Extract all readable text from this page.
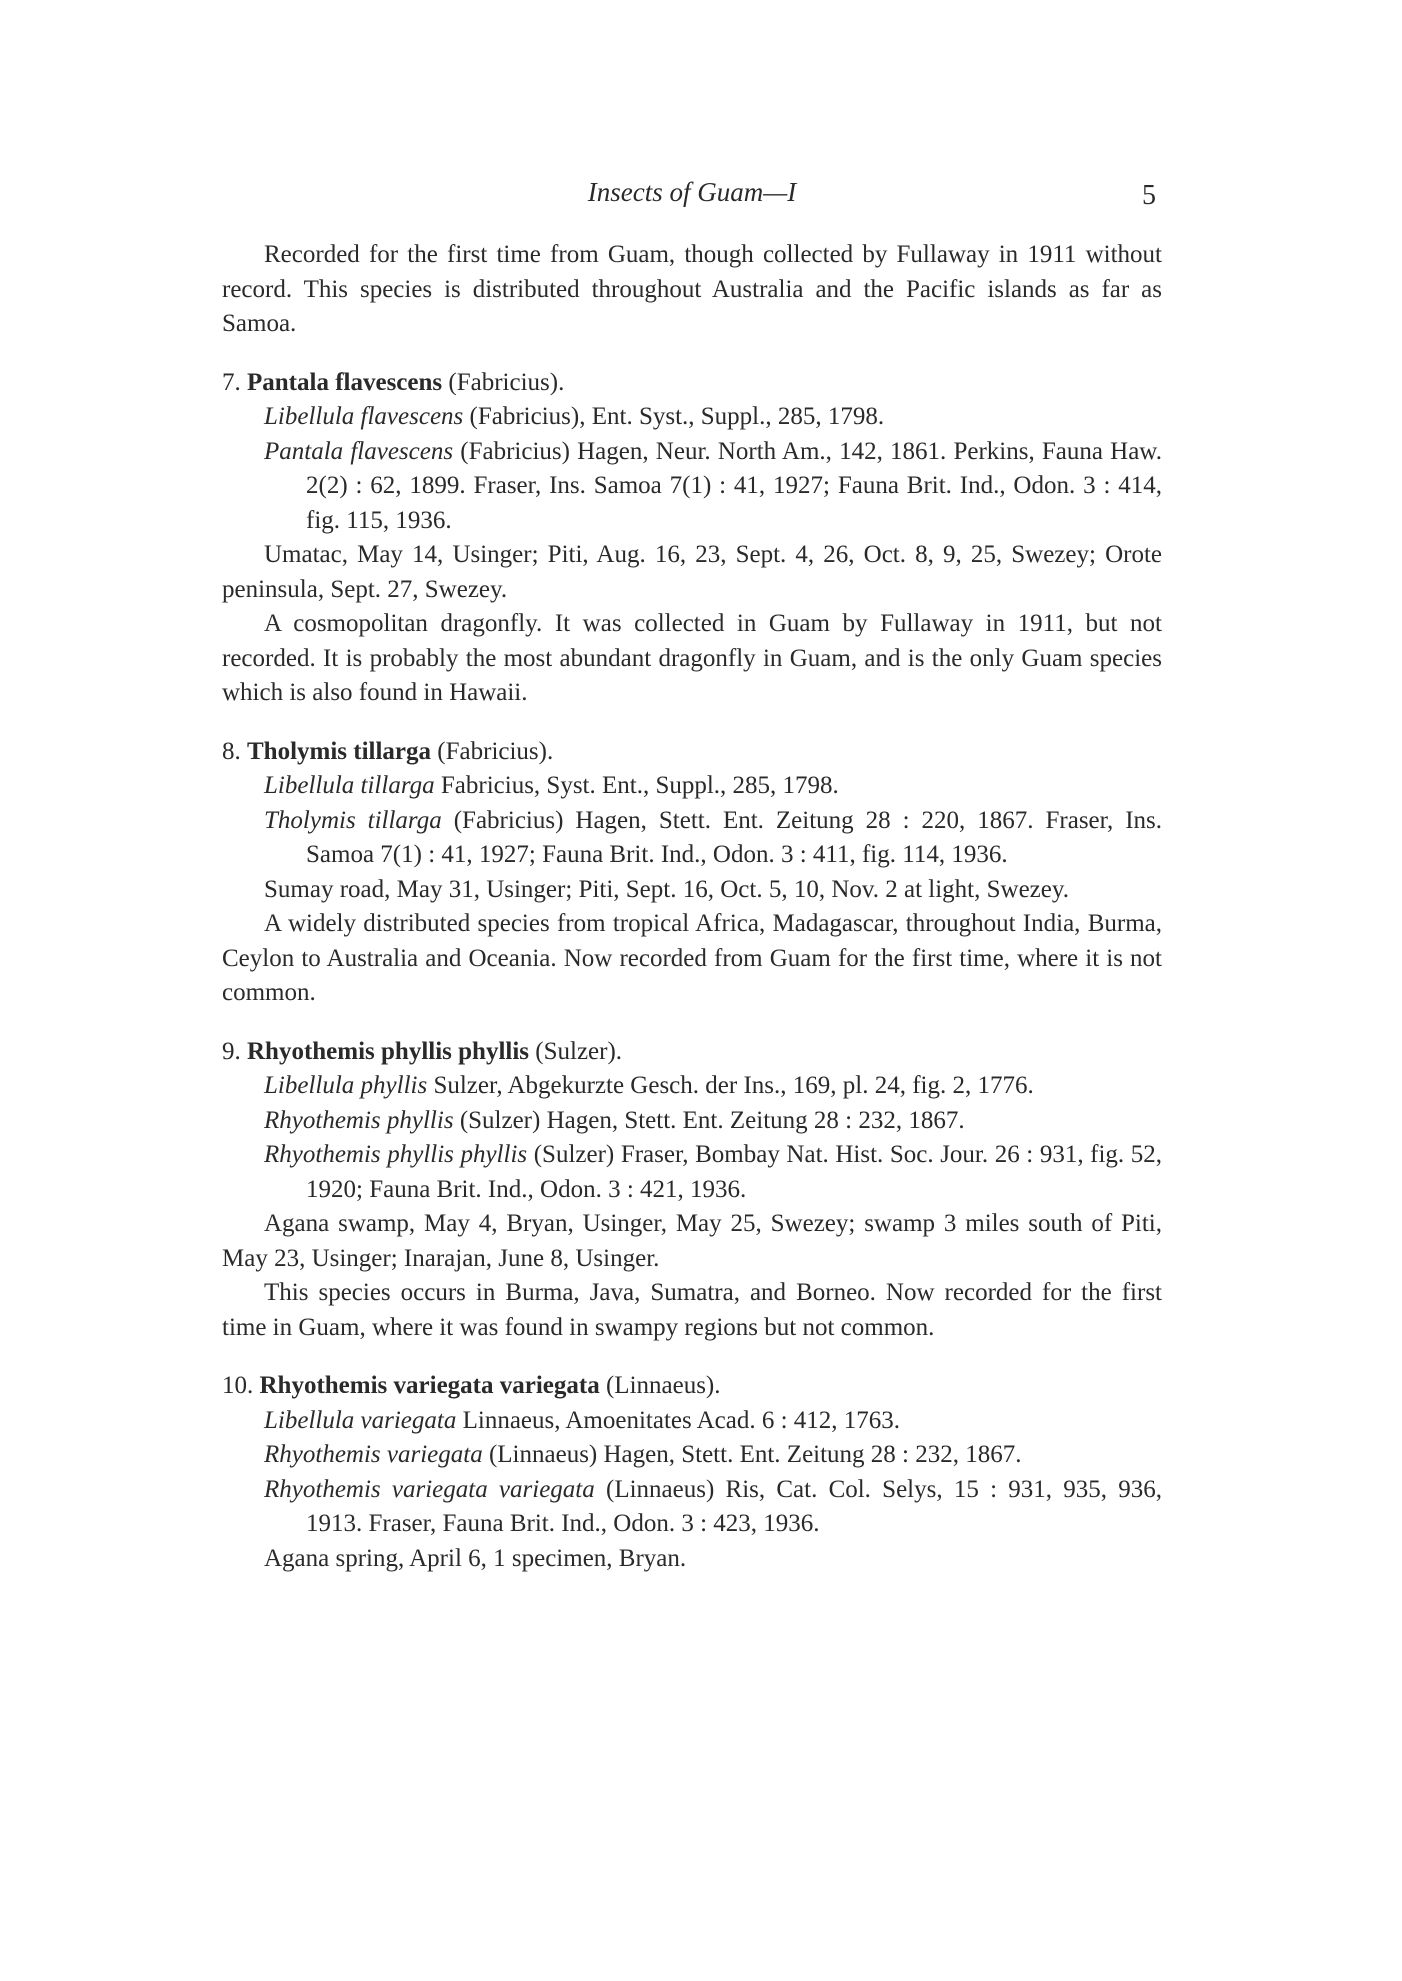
Insects of Guam—I	5

Recorded for the first time from Guam, though collected by Fullaway in 1911 without record. This species is distributed throughout Australia and the Pacific islands as far as Samoa.

7. Pantala flavescens (Fabricius).

Libellula flavescens (Fabricius), Ent. Syst., Suppl., 285, 1798.

Pantala flavescens (Fabricius) Hagen, Neur. North Am., 142, 1861. Perkins, Fauna Haw. 2(2) : 62, 1899. Fraser, Ins. Samoa 7(1) : 41, 1927; Fauna Brit. Ind., Odon. 3 : 414, fig. 115, 1936.

Umatac, May 14, Usinger; Piti, Aug. 16, 23, Sept. 4, 26, Oct. 8, 9, 25, Swezey; Orote peninsula, Sept. 27, Swezey.

A cosmopolitan dragonfly. It was collected in Guam by Fullaway in 1911, but not recorded. It is probably the most abundant dragonfly in Guam, and is the only Guam species which is also found in Hawaii.

8. Tholymis tillarga (Fabricius).

Libellula tillarga Fabricius, Syst. Ent., Suppl., 285, 1798.

Tholymis tillarga (Fabricius) Hagen, Stett. Ent. Zeitung 28 : 220, 1867. Fraser, Ins. Samoa 7(1) : 41, 1927; Fauna Brit. Ind., Odon. 3 : 411, fig. 114, 1936.

Sumay road, May 31, Usinger; Piti, Sept. 16, Oct. 5, 10, Nov. 2 at light, Swezey.

A widely distributed species from tropical Africa, Madagascar, throughout India, Burma, Ceylon to Australia and Oceania. Now recorded from Guam for the first time, where it is not common.

9. Rhyothemis phyllis phyllis (Sulzer).

Libellula phyllis Sulzer, Abgekurzte Gesch. der Ins., 169, pl. 24, fig. 2, 1776.

Rhyothemis phyllis (Sulzer) Hagen, Stett. Ent. Zeitung 28 : 232, 1867.

Rhyothemis phyllis phyllis (Sulzer) Fraser, Bombay Nat. Hist. Soc. Jour. 26 : 931, fig. 52, 1920; Fauna Brit. Ind., Odon. 3 : 421, 1936.

Agana swamp, May 4, Bryan, Usinger, May 25, Swezey; swamp 3 miles south of Piti, May 23, Usinger; Inarajan, June 8, Usinger.

This species occurs in Burma, Java, Sumatra, and Borneo. Now recorded for the first time in Guam, where it was found in swampy regions but not common.

10. Rhyothemis variegata variegata (Linnaeus).

Libellula variegata Linnaeus, Amoenitates Acad. 6 : 412, 1763.

Rhyothemis variegata (Linnaeus) Hagen, Stett. Ent. Zeitung 28 : 232, 1867.

Rhyothemis variegata variegata (Linnaeus) Ris, Cat. Col. Selys, 15 : 931, 935, 936, 1913. Fraser, Fauna Brit. Ind., Odon. 3 : 423, 1936.

Agana spring, April 6, 1 specimen, Bryan.
